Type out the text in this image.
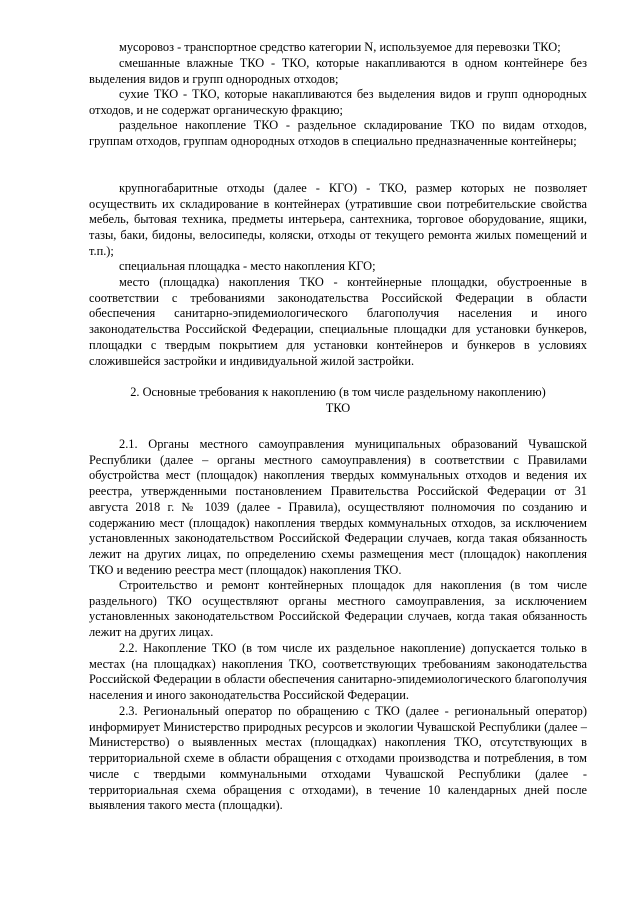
мусоровоз - транспортное средство категории N, используемое для перевозки ТКО;

смешанные влажные ТКО - ТКО, которые накапливаются в одном контейнере без выделения видов и групп однородных отходов;

сухие ТКО - ТКО, которые накапливаются без выделения видов и групп однородных отходов, и не содержат органическую фракцию;

раздельное накопление ТКО - раздельное складирование ТКО по видам отходов, группам отходов, группам однородных отходов в специально предназначенные контейнеры;

крупногабаритные отходы (далее - КГО) - ТКО, размер которых не позволяет осуществить их складирование в контейнерах (утратившие свои потребительские свойства мебель, бытовая техника, предметы интерьера, сантехника, торговое оборудование, ящики, тазы, баки, бидоны, велосипеды, коляски, отходы от текущего ремонта жилых помещений и т.п.);

специальная площадка - место накопления КГО;

место (площадка) накопления ТКО - контейнерные площадки, обустроенные в соответствии с требованиями законодательства Российской Федерации в области обеспечения санитарно-эпидемиологического благополучия населения и иного законодательства Российской Федерации, специальные площадки для установки бункеров, площадки с твердым покрытием для установки контейнеров и бункеров в условиях сложившейся застройки и индивидуальной жилой застройки.

2. Основные требования к накоплению (в том числе раздельному накоплению)
ТКО

2.1. Органы местного самоуправления муниципальных образований Чувашской Республики (далее – органы местного самоуправления) в соответствии с Правилами обустройства мест (площадок) накопления твердых коммунальных отходов и ведения их реестра, утвержденными постановлением Правительства Российской Федерации от 31 августа 2018 г. № 1039 (далее - Правила), осуществляют полномочия по созданию и содержанию мест (площадок) накопления твердых коммунальных отходов, за исключением установленных законодательством Российской Федерации случаев, когда такая обязанность лежит на других лицах, по определению схемы размещения мест (площадок) накопления ТКО и ведению реестра мест (площадок) накопления ТКО.

Строительство и ремонт контейнерных площадок для накопления (в том числе раздельного) ТКО осуществляют органы местного самоуправления, за исключением установленных законодательством Российской Федерации случаев, когда такая обязанность лежит на других лицах.

2.2. Накопление ТКО (в том числе их раздельное накопление) допускается только в местах (на площадках) накопления ТКО, соответствующих требованиям законодательства Российской Федерации в области обеспечения санитарно-эпидемиологического благополучия населения и иного законодательства Российской Федерации.

2.3. Региональный оператор по обращению с ТКО (далее - региональный оператор) информирует Министерство природных ресурсов и экологии Чувашской Республики (далее – Министерство) о выявленных местах (площадках) накопления ТКО, отсутствующих в территориальной схеме в области обращения с отходами производства и потребления, в том числе с твердыми коммунальными отходами Чувашской Республики (далее - территориальная схема обращения с отходами), в течение 10 календарных дней после выявления такого места (площадки).
